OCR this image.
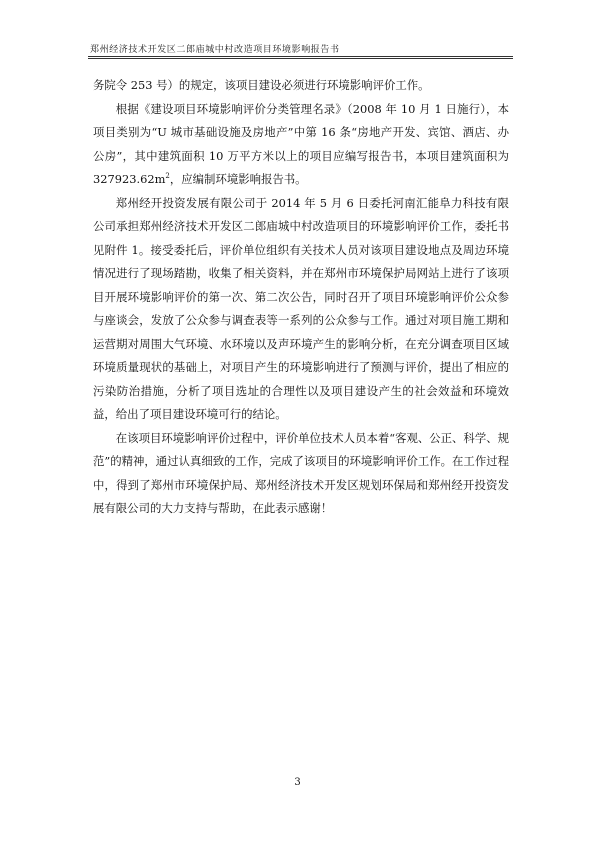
郑州经济技术开发区二郎庙城中村改造项目环境影响报告书

务院令 253 号）的规定，该项目建设必须进行环境影响评价工作。

根据《建设项目环境影响评价分类管理名录》（2008 年 10 月 1 日施行），本项目类别为“U 城市基础设施及房地产”中第 16 条“房地产开发、宾馆、酒店、办公房”，其中建筑面积 10 万平方米以上的项目应编写报告书，本项目建筑面积为 $327923.62m^2$，应编制环境影响报告书。

郑州经开投资发展有限公司于 2014 年 5 月 6 日委托河南汇能阜力科技有限公司承担郑州经济技术开发区二郎庙城中村改造项目的环境影响评价工作，委托书见附件 1。接受委托后，评价单位组织有关技术人员对该项目建设地点及周边环境情况进行了现场踏勘，收集了相关资料，并在郑州市环境保护局网站上进行了该项目开展环境影响评价的第一次、第二次公告，同时召开了项目环境影响评价公众参与座谈会，发放了公众参与调查表等一系列的公众参与工作。通过对项目施工期和运营期对周围大气环境、水环境以及声环境产生的影响分析，在充分调查项目区域环境质量现状的基础上，对项目产生的环境影响进行了预测与评价，提出了相应的污染防治措施，分析了项目选址的合理性以及项目建设产生的社会效益和环境效益，给出了项目建设环境可行的结论。

在该项目环境影响评价过程中，评价单位技术人员本着“客观、公正、科学、规范”的精神，通过认真细致的工作，完成了该项目的环境影响评价工作。在工作过程中，得到了郑州市环境保护局、郑州经济技术开发区规划环保局和郑州经开投资发展有限公司的大力支持与帮助，在此表示感谢！

3
